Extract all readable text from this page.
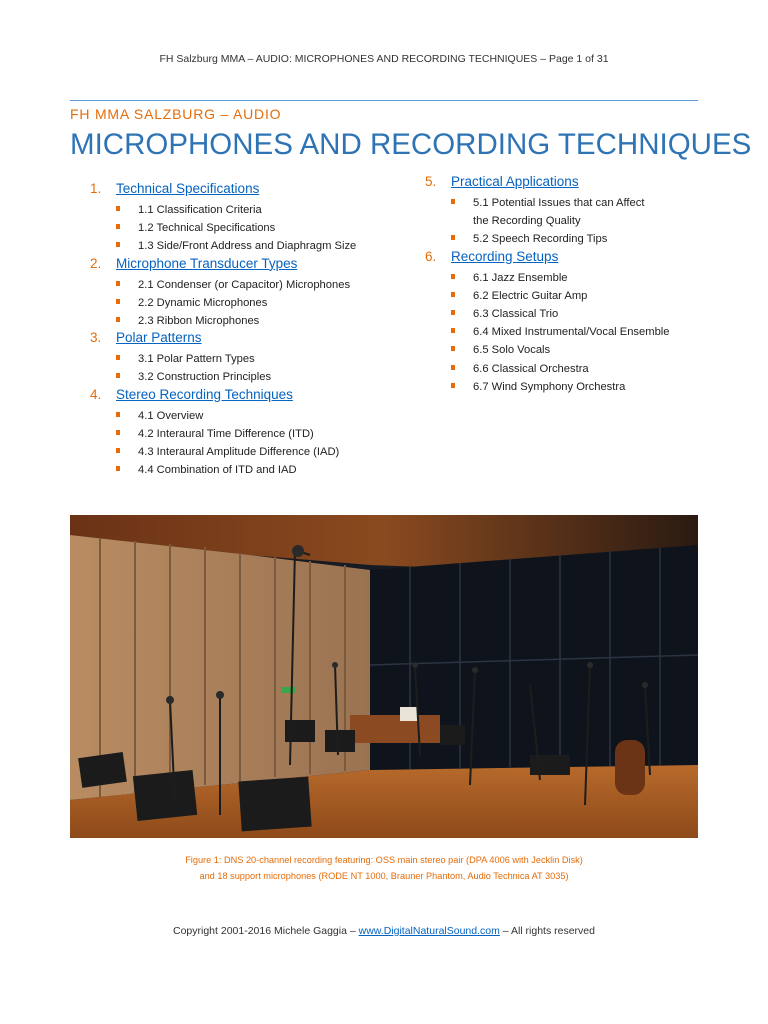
FH Salzburg MMA – AUDIO: MICROPHONES AND RECORDING TECHNIQUES – Page 1 of 31
FH MMA SALZBURG – AUDIO
MICROPHONES AND RECORDING TECHNIQUES
1.	Technical Specifications
1.1 Classification Criteria
1.2 Technical Specifications
1.3 Side/Front Address and Diaphragm Size
2.	Microphone Transducer Types
2.1 Condenser (or Capacitor) Microphones
2.2 Dynamic Microphones
2.3 Ribbon Microphones
3.	Polar Patterns
3.1 Polar Pattern Types
3.2 Construction Principles
4.	Stereo Recording Techniques
4.1 Overview
4.2 Interaural Time Difference (ITD)
4.3 Interaural Amplitude Difference (IAD)
4.4 Combination of ITD and IAD
5.	Practical Applications
5.1 Potential Issues that can Affect
the Recording Quality
5.2 Speech Recording Tips
6.	Recording Setups
6.1 Jazz Ensemble
6.2 Electric Guitar Amp
6.3 Classical Trio
6.4 Mixed Instrumental/Vocal Ensemble
6.5 Solo Vocals
6.6 Classical Orchestra
6.7 Wind Symphony Orchestra
Figure 1: DNS 20-channel recording featuring: OSS main stereo pair (DPA 4006 with Jecklin Disk)
and 18 support microphones (RODE NT 1000, Brauner Phantom, Audio Technica AT 3035)
Copyright 2001-2016 Michele Gaggia – www.DigitalNaturalSound.com – All rights reserved
